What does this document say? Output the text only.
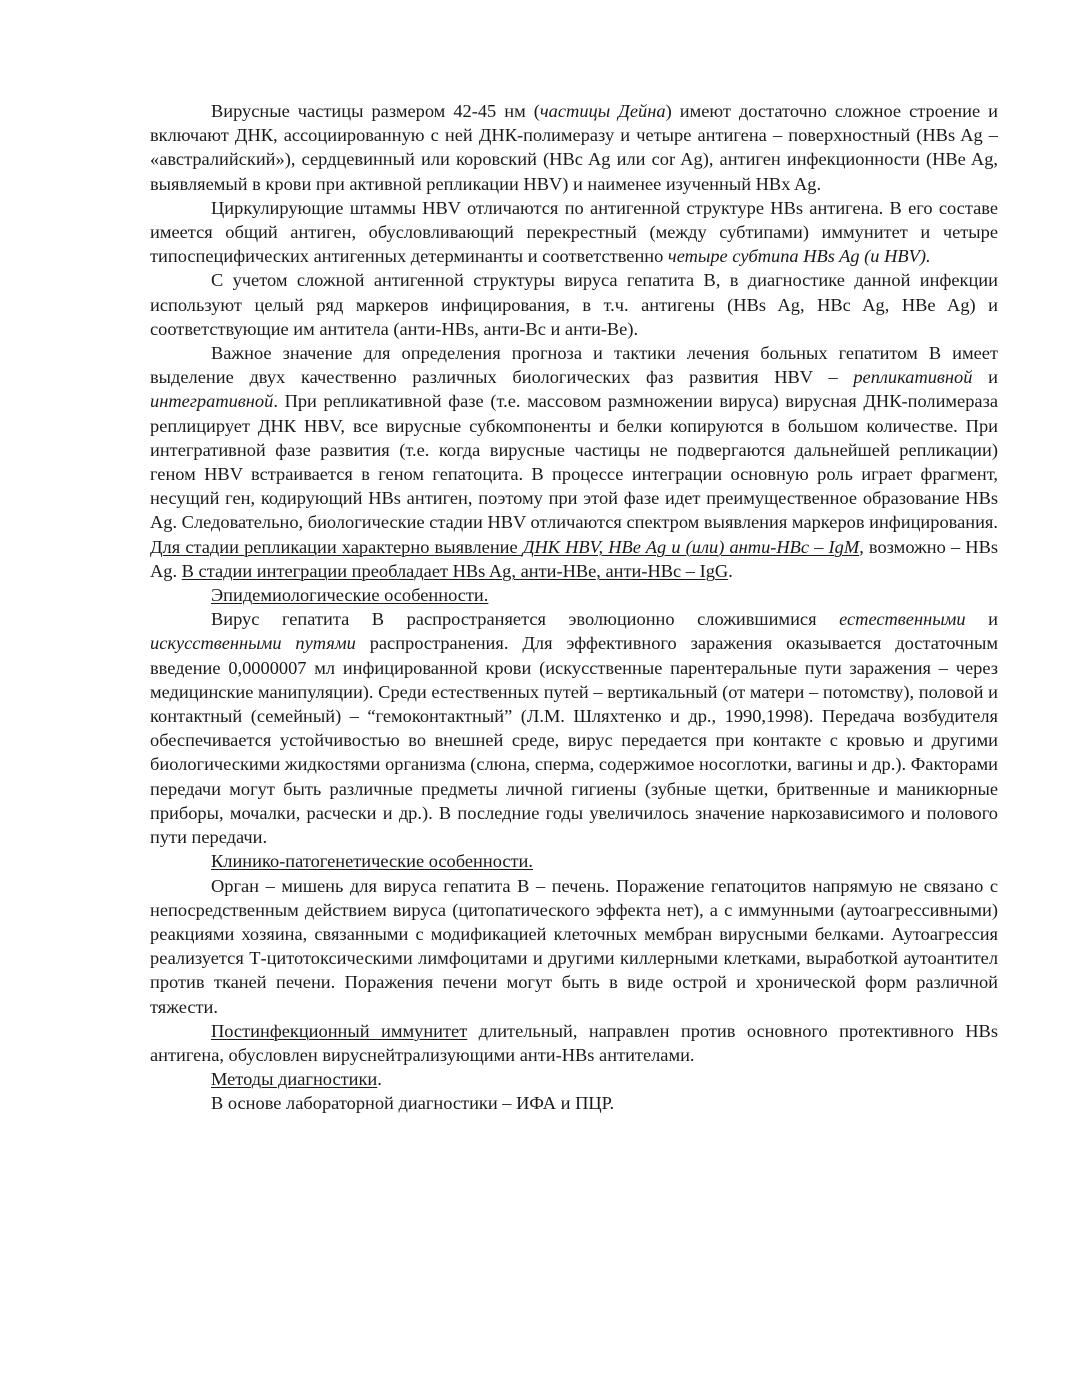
Вирусные частицы размером 42-45 нм (частицы Дейна) имеют достаточно сложное строение и включают ДНК, ассоциированную с ней ДНК-полимеразу и четыре антигена – поверхностный (HBs Ag – «австралийский»), сердцевинный или коровский (HBc Ag или cor Ag), антиген инфекционности (HBe Ag, выявляемый в крови при активной репликации HBV) и наименее изученный HBx Ag.

Циркулирующие штаммы HBV отличаются по антигенной структуре HBs антигена. В его составе имеется общий антиген, обусловливающий перекрестный (между субтипами) иммунитет и четыре типоспецифических антигенных детерминанты и соответственно четыре субтипа HBs Ag (и HBV).

С учетом сложной антигенной структуры вируса гепатита В, в диагностике данной инфекции используют целый ряд маркеров инфицирования, в т.ч. антигены (HBs Ag, HBc Ag, HBe Ag) и соответствующие им антитела (анти-HBs, анти-Bc и анти-Be).

Важное значение для определения прогноза и тактики лечения больных гепатитом В имеет выделение двух качественно различных биологических фаз развития HBV – репликативной и интегративной. При репликативной фазе (т.е. массовом размножении вируса) вирусная ДНК-полимераза реплицирует ДНК HBV, все вирусные субкомпоненты и белки копируются в большом количестве. При интегративной фазе развития (т.е. когда вирусные частицы не подвергаются дальнейшей репликации) геном HBV встраивается в геном гепатоцита. В процессе интеграции основную роль играет фрагмент, несущий ген, кодирующий HBs антиген, поэтому при этой фазе идет преимущественное образование HBs Ag. Следовательно, биологические стадии HBV отличаются спектром выявления маркеров инфицирования. Для стадии репликации характерно выявление ДНК HBV, HBe Ag и (или) анти-HBc – IgM, возможно – HBs Ag. В стадии интеграции преобладает HBs Ag, анти-HBe, анти-HBc – IgG.

Эпидемиологические особенности.

Вирус гепатита В распространяется эволюционно сложившимися естественными и искусственными путями распространения. Для эффективного заражения оказывается достаточным введение 0,0000007 мл инфицированной крови (искусственные парентеральные пути заражения – через медицинские манипуляции). Среди естественных путей – вертикальный (от матери – потомству), половой и контактный (семейный) – “гемоконтактный” (Л.М. Шляхтенко и др., 1990,1998). Передача возбудителя обеспечивается устойчивостью во внешней среде, вирус передается при контакте с кровью и другими биологическими жидкостями организма (слюна, сперма, содержимое носоглотки, вагины и др.). Факторами передачи могут быть различные предметы личной гигиены (зубные щетки, бритвенные и маникюрные приборы, мочалки, расчески и др.). В последние годы увеличилось значение наркозависимого и полового пути передачи.

Клинико-патогенетические особенности.

Орган – мишень для вируса гепатита В – печень. Поражение гепатоцитов напрямую не связано с непосредственным действием вируса (цитопатического эффекта нет), а с иммунными (аутоагрессивными) реакциями хозяина, связанными с модификацией клеточных мембран вирусными белками. Аутоагрессия реализуется Т-цитотоксическими лимфоцитами и другими киллерными клетками, выработкой аутоантител против тканей печени. Поражения печени могут быть в виде острой и хронической форм различной тяжести.

Постинфекционный иммунитет длительный, направлен против основного протективного HBs антигена, обусловлен вируснейтрализующими анти-HBs антителами.

Методы диагностики.

В основе лабораторной диагностики – ИФА и ПЦР.
